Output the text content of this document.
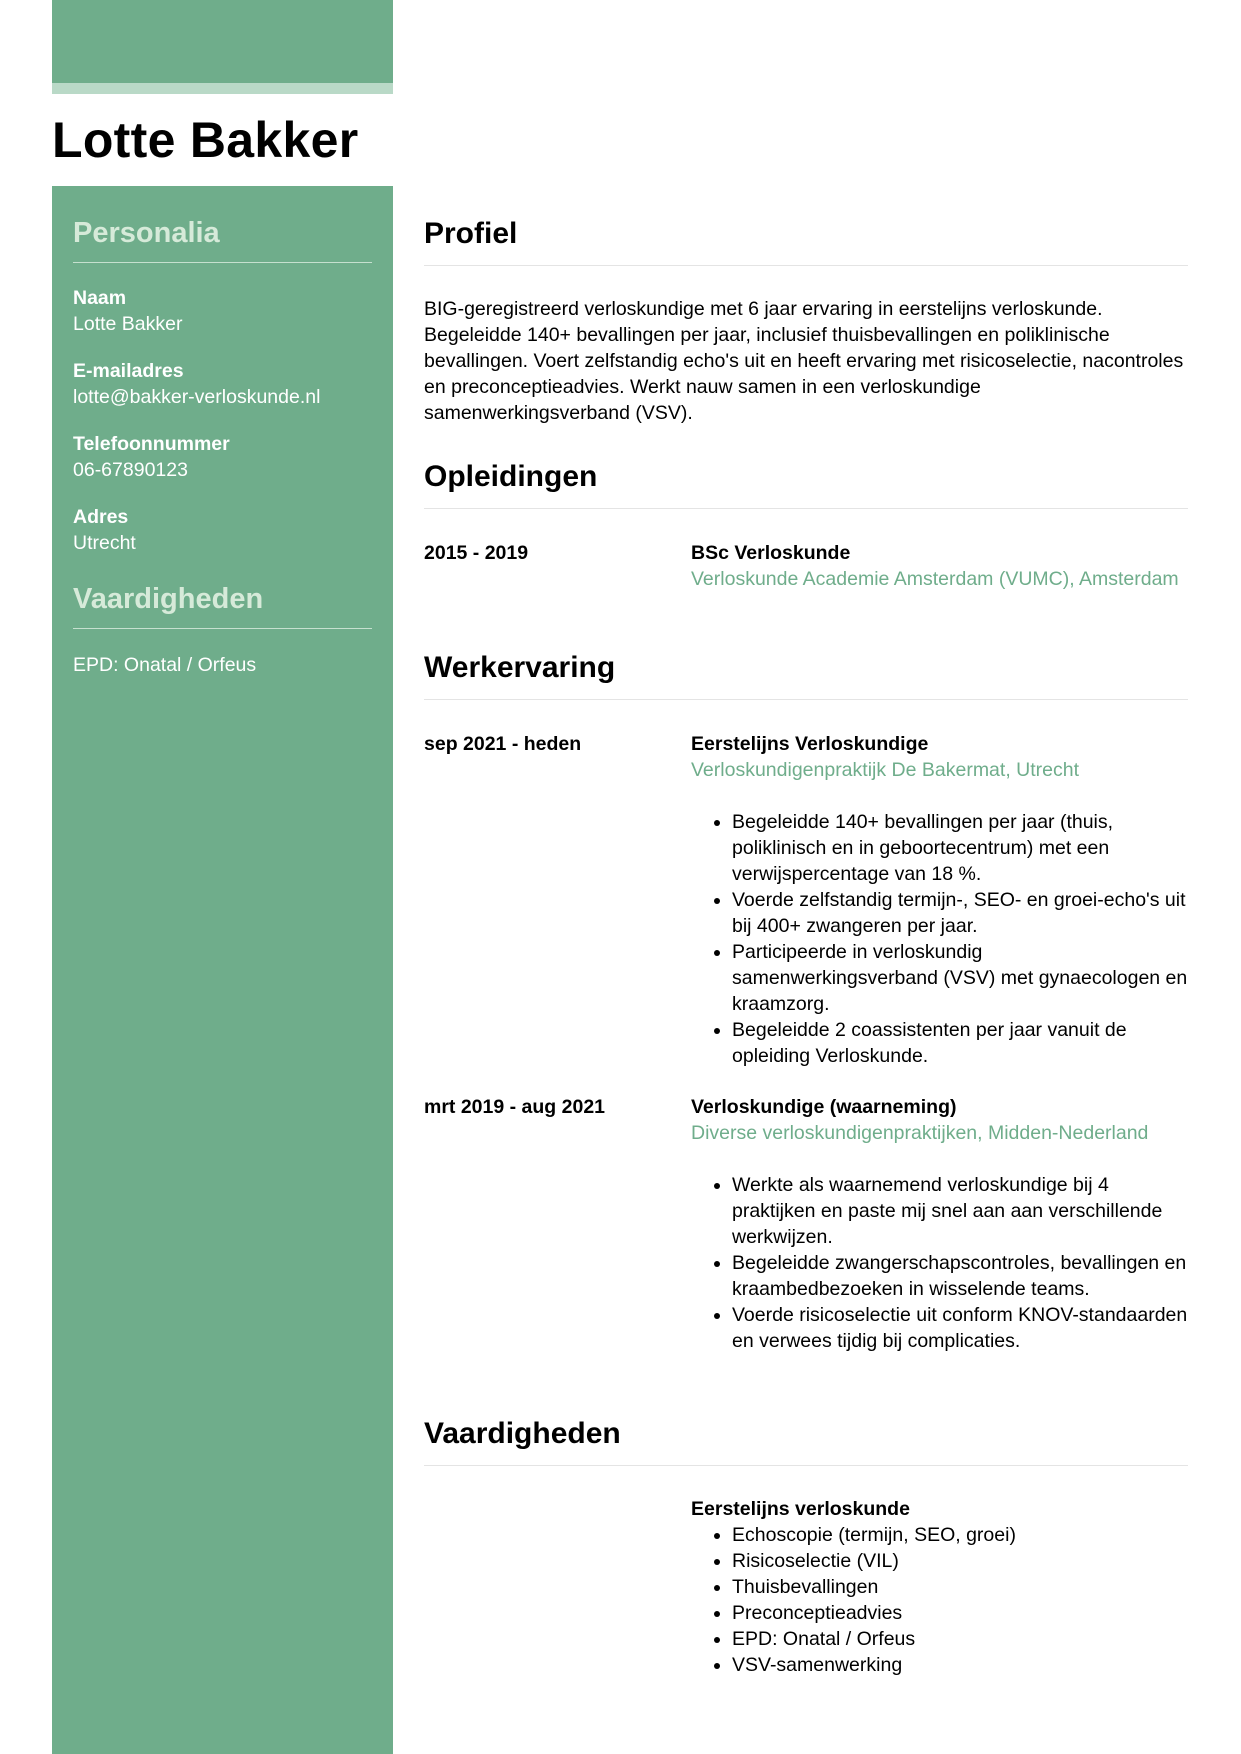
Lotte Bakker
Personalia
Naam
Lotte Bakker
E-mailadres
lotte@bakker-verloskunde.nl
Telefoonnummer
06-67890123
Adres
Utrecht
Vaardigheden
EPD: Onatal / Orfeus
Profiel

BIG-geregistreerd verloskundige met 6 jaar ervaring in eerstelijns verloskunde. Begeleidde 140+ bevallingen per jaar, inclusief thuisbevallingen en poliklinische bevallingen. Voert zelfstandig echo's uit en heeft ervaring met risicoselectie, nacontroles en preconceptieadvies. Werkt nauw samen in een verloskundige samenwerkingsverband (VSV).

Opleidingen
2015 - 2019	BSc Verloskunde
Verloskunde Academie Amsterdam (VUMC), Amsterdam
Werkervaring
sep 2021 - heden	Eerstelijns Verloskundige
Verloskundigenpraktijk De Bakermat, Utrecht
• Begeleidde 140+ bevallingen per jaar (thuis, poliklinisch en in geboortecentrum) met een verwijspercentage van 18 %.
• Voerde zelfstandig termijn-, SEO- en groei-echo's uit bij 400+ zwangeren per jaar.
• Participeerde in verloskundig samenwerkingsverband (VSV) met gynaecologen en kraamzorg.
• Begeleidde 2 coassistenten per jaar vanuit de opleiding Verloskunde.
mrt 2019 - aug 2021	Verloskundige (waarneming)
Diverse verloskundigenpraktijken, Midden-Nederland
• Werkte als waarnemend verloskundige bij 4 praktijken en paste mij snel aan aan verschillende werkwijzen.
• Begeleidde zwangerschapscontroles, bevallingen en kraambedbezoeken in wisselende teams.
• Voerde risicoselectie uit conform KNOV-standaarden en verwees tijdig bij complicaties.
Vaardigheden
Eerstelijns verloskunde
• Echoscopie (termijn, SEO, groei)
• Risicoselectie (VIL)
• Thuisbevallingen
• Preconceptieadvies
• EPD: Onatal / Orfeus
• VSV-samenwerking
